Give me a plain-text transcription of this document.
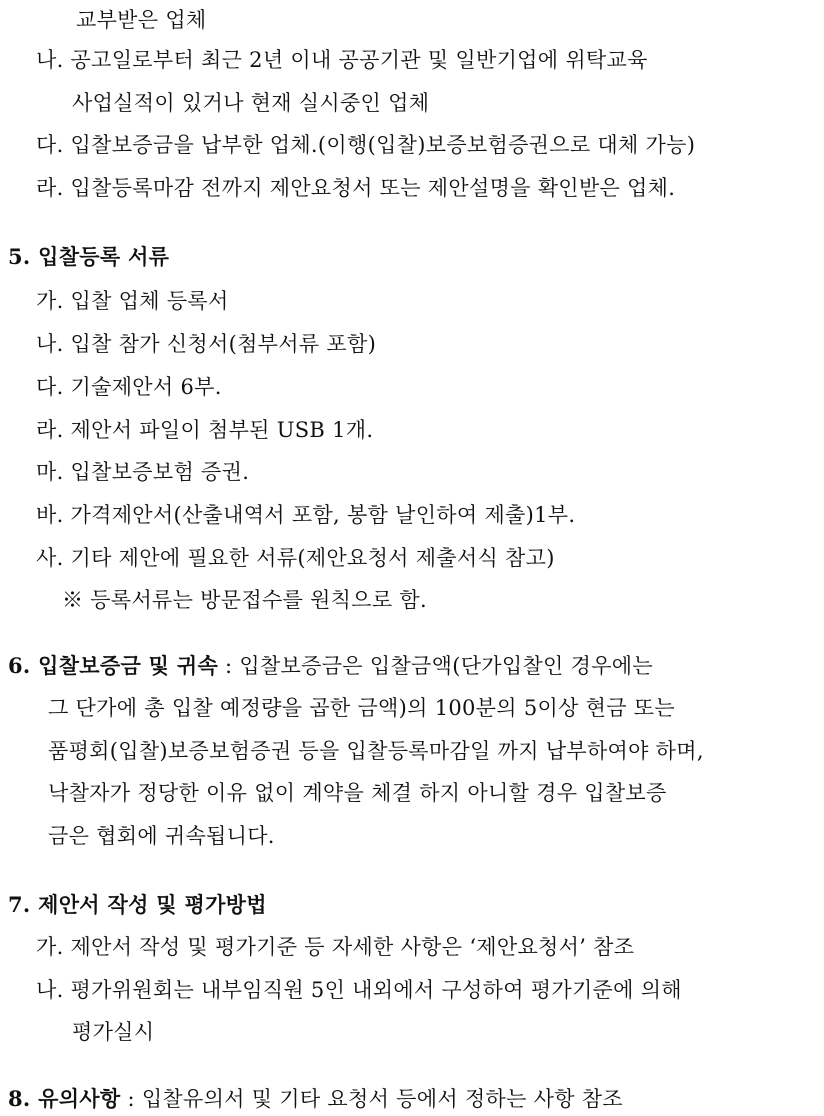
교부받은 업체
나. 공고일로부터 최근 2년 이내 공공기관 및 일반기업에 위탁교육
사업실적이 있거나 현재 실시중인 업체
다. 입찰보증금을 납부한 업체.(이행(입찰)보증보험증권으로 대체 가능)
라. 입찰등록마감 전까지 제안요청서 또는 제안설명을 확인받은 업체.
5. 입찰등록 서류
가. 입찰 업체 등록서
나. 입찰 참가 신청서(첨부서류 포함)
다. 기술제안서 6부.
라. 제안서 파일이 첨부된 USB 1개.
마. 입찰보증보험 증권.
바. 가격제안서(산출내역서 포함, 봉함 날인하여 제출)1부.
사. 기타 제안에 필요한 서류(제안요청서 제출서식 참고)
※ 등록서류는 방문접수를 원칙으로 함.
6. 입찰보증금 및 귀속 : 입찰보증금은 입찰금액(단가입찰인 경우에는
그 단가에 총 입찰 예정량을 곱한 금액)의 100분의 5이상 현금 또는
품평회(입찰)보증보험증권 등을 입찰등록마감일 까지 납부하여야 하며,
낙찰자가 정당한 이유 없이 계약을 체결 하지 아니할 경우 입찰보증
금은 협회에 귀속됩니다.
7. 제안서 작성 및 평가방법
가. 제안서 작성 및 평가기준 등 자세한 사항은 ‘제안요청서’ 참조
나. 평가위원회는 내부임직원 5인 내외에서 구성하여 평가기준에 의해
평가실시
8. 유의사항 : 입찰유의서 및 기타 요청서 등에서 정하는 사항 참조
